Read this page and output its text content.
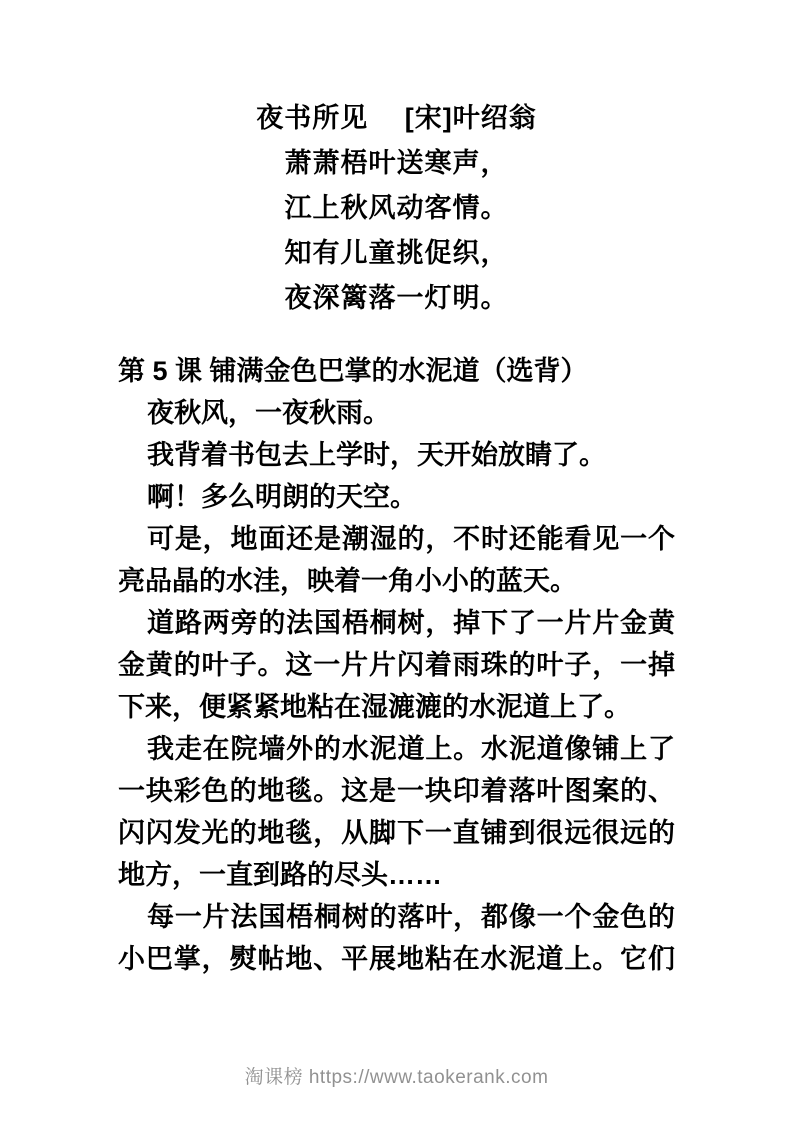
夜书所见 [宋]叶绍翁
萧萧梧叶送寒声，
江上秋风动客情。
知有儿童挑促织，
夜深篱落一灯明。
第 5 课 铺满金色巴掌的水泥道（选背）
夜秋风，一夜秋雨。
我背着书包去上学时，天开始放睛了。
啊！多么明朗的天空。
可是，地面还是潮湿的，不时还能看见一个
亮品晶的水洼，映着一角小小的蓝天。
道路两旁的法国梧桐树，掉下了一片片金黄
金黄的叶子。这一片片闪着雨珠的叶子，一掉
下来，便紧紧地粘在湿漉漉的水泥道上了。
我走在院墙外的水泥道上。水泥道像铺上了
一块彩色的地毯。这是一块印着落叶图案的、
闪闪发光的地毯，从脚下一直铺到很远很远的
地方，一直到路的尽头……
每一片法国梧桐树的落叶，都像一个金色的
小巴掌，熨帖地、平展地粘在水泥道上。它们
淘课榜 https://www.taokerank.com
